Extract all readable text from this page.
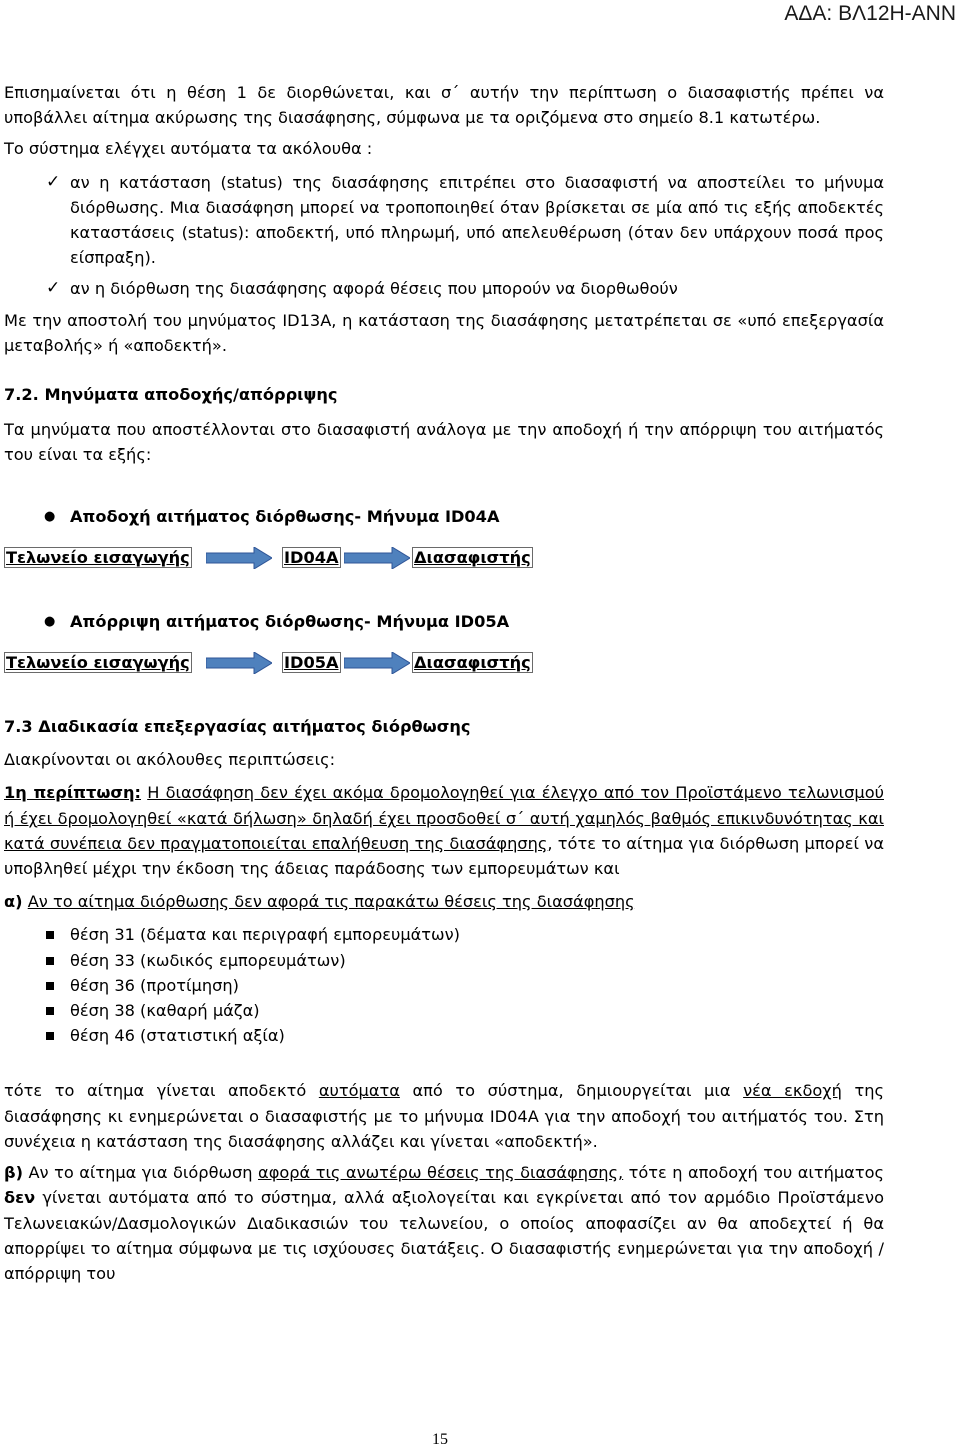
ΑΔΑ: ΒΛ12Η-ΑΝΝ

Επισημαίνεται ότι η θέση 1 δε διορθώνεται, και σ΄ αυτήν την περίπτωση ο διασαφιστής πρέπει να υποβάλλει αίτημα ακύρωσης της διασάφησης, σύμφωνα με τα οριζόμενα στο σημείο 8.1 κατωτέρω.

Το σύστημα ελέγχει αυτόματα τα ακόλουθα :

✓ αν η κατάσταση (status) της διασάφησης επιτρέπει στο διασαφιστή να αποστείλει το μήνυμα διόρθωσης. Μια διασάφηση μπορεί να τροποποιηθεί όταν βρίσκεται σε μία από τις εξής αποδεκτές καταστάσεις (status): αποδεκτή, υπό πληρωμή, υπό απελευθέρωση (όταν δεν υπάρχουν ποσά προς είσπραξη).
✓ αν η διόρθωση της διασάφησης αφορά θέσεις που μπορούν να διορθωθούν

Με την αποστολή του μηνύματος ID13A, η κατάσταση της διασάφησης μετατρέπεται σε «υπό επεξεργασία μεταβολής» ή «αποδεκτή».

7.2. Μηνύματα αποδοχής/απόρριψης

Τα μηνύματα που αποστέλλονται στο διασαφιστή ανάλογα με την αποδοχή ή την απόρριψη του αιτήματός του είναι τα εξής:

● Αποδοχή αιτήματος διόρθωσης- Μήνυμα ID04A
Τελωνείο εισαγωγής	ID04A	Διασαφιστής
● Απόρριψη αιτήματος διόρθωσης- Μήνυμα ID05A
Τελωνείο εισαγωγής	ID05A	Διασαφιστής

7.3 Διαδικασία επεξεργασίας αιτήματος διόρθωσης

Διακρίνονται οι ακόλουθες περιπτώσεις:

1η περίπτωση: Η διασάφηση δεν έχει ακόμα δρομολογηθεί για έλεγχο από τον Προϊστάμενο τελωνισμού ή έχει δρομολογηθεί «κατά δήλωση» δηλαδή έχει προσδοθεί σ΄ αυτή χαμηλός βαθμός επικινδυνότητας και κατά συνέπεια δεν πραγματοποιείται επαλήθευση της διασάφησης, τότε το αίτημα για διόρθωση μπορεί να υποβληθεί μέχρι την έκδοση της άδειας παράδοσης των εμπορευμάτων και

α) Αν το αίτημα διόρθωσης δεν αφορά τις παρακάτω θέσεις της διασάφησης

θέση 31 (δέματα και περιγραφή εμπορευμάτων)
θέση 33 (κωδικός εμπορευμάτων)
θέση 36 (προτίμηση)
θέση 38 (καθαρή μάζα)
θέση 46 (στατιστική αξία)

τότε το αίτημα γίνεται αποδεκτό αυτόματα από το σύστημα, δημιουργείται μια νέα εκδοχή της διασάφησης κι ενημερώνεται ο διασαφιστής με το μήνυμα ID04A για την αποδοχή του αιτήματός του. Στη συνέχεια η κατάσταση της διασάφησης αλλάζει και γίνεται «αποδεκτή».

β) Αν το αίτημα για διόρθωση αφορά τις ανωτέρω θέσεις της διασάφησης, τότε η αποδοχή του αιτήματος δεν γίνεται αυτόματα από το σύστημα, αλλά αξιολογείται και εγκρίνεται από τον αρμόδιο Προϊστάμενο Τελωνειακών/Δασμολογικών Διαδικασιών του τελωνείου, ο οποίος αποφασίζει αν θα αποδεχτεί ή θα απορρίψει το αίτημα σύμφωνα με τις ισχύουσες διατάξεις. Ο διασαφιστής ενημερώνεται για την αποδοχή / απόρριψη του

15
